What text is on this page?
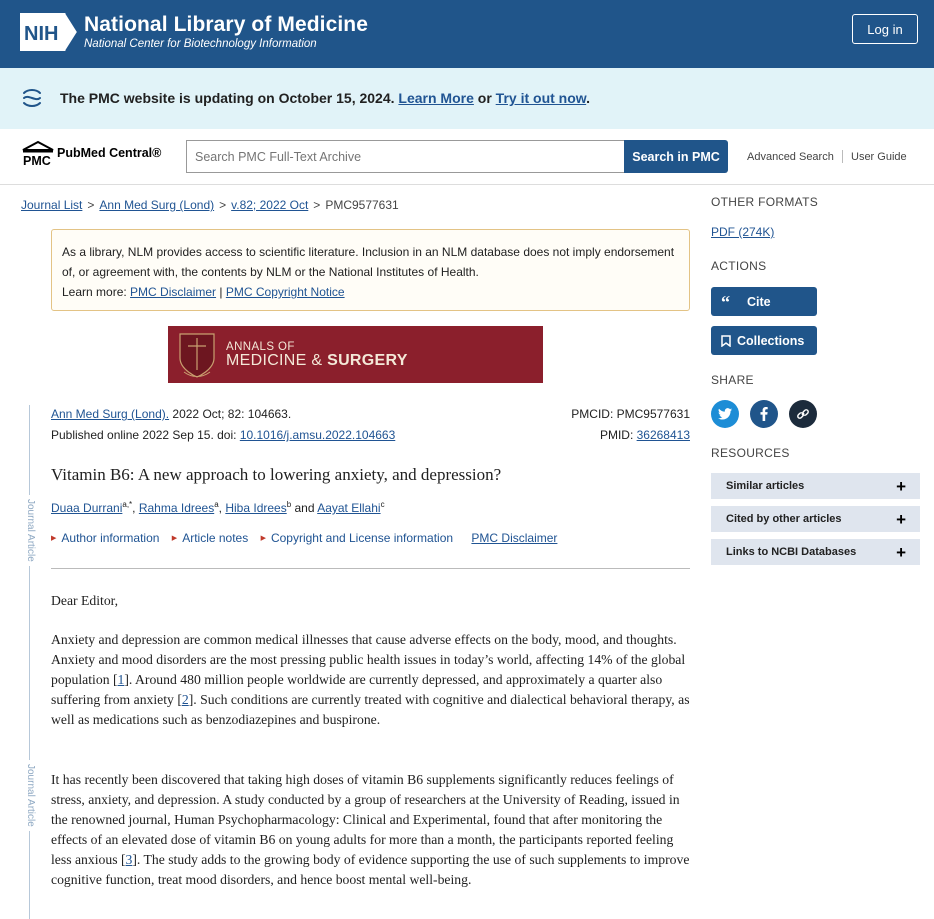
NIH National Library of Medicine
National Center for Biotechnology Information
Log in
The PMC website is updating on October 15, 2024. Learn More or Try it out now.
PMC
PubMed Central®
Search PMC Full-Text Archive	Search in PMC	Advanced Search User Guide
Journal List > Ann Med Surg (Lond) > v.82; 2022 Oct > PMC9577631
As a library, NLM provides access to scientific literature. Inclusion in an NLM database does not imply endorsement of, or agreement with, the contents by NLM or the National Institutes of Health.
Learn more: PMC Disclaimer | PMC Copyright Notice
ANNALS OF
MEDICINE & SURGERY
Journal Article
Journal Article
Ann Med Surg (Lond). 2022 Oct; 82: 104663.
Published online 2022 Sep 15. doi: 10.1016/j.amsu.2022.104663
PMCID: PMC9577631
PMID: 36268413
Vitamin B6: A new approach to lowering anxiety, and depression?
Duaa Durrani$^{a,*}$, Rahma Idrees$^a$, Hiba Idrees$^b$ and Aayat Ellahi$^c$
▶ Author information ▶ Article notes ▶ Copyright and License information PMC Disclaimer
Dear Editor,
Anxiety and depression are common medical illnesses that cause adverse effects on the body, mood, and thoughts. Anxiety and mood disorders are the most pressing public health issues in today’s world, affecting 14% of the global population [1]. Around 480 million people worldwide are currently depressed, and approximately a quarter also suffering from anxiety [2]. Such conditions are currently treated with cognitive and dialectical behavioral therapy, as well as medications such as benzodiazepines and buspirone.
It has recently been discovered that taking high doses of vitamin B6 supplements significantly reduces feelings of stress, anxiety, and depression. A study conducted by a group of researchers at the University of Reading, issued in the renowned journal, Human Psychopharmacology: Clinical and Experimental, found that after monitoring the effects of an elevated dose of vitamin B6 on young adults for more than a month, the participants reported feeling less anxious [3]. The study adds to the growing body of evidence supporting the use of such supplements to improve cognitive function, treat mood disorders, and hence boost mental well-being.
OTHER FORMATS
PDF (274K)
ACTIONS
“ Cite
Collections
SHARE
RESOURCES
Similar articles	+
Cited by other articles	+
Links to NCBI Databases +
